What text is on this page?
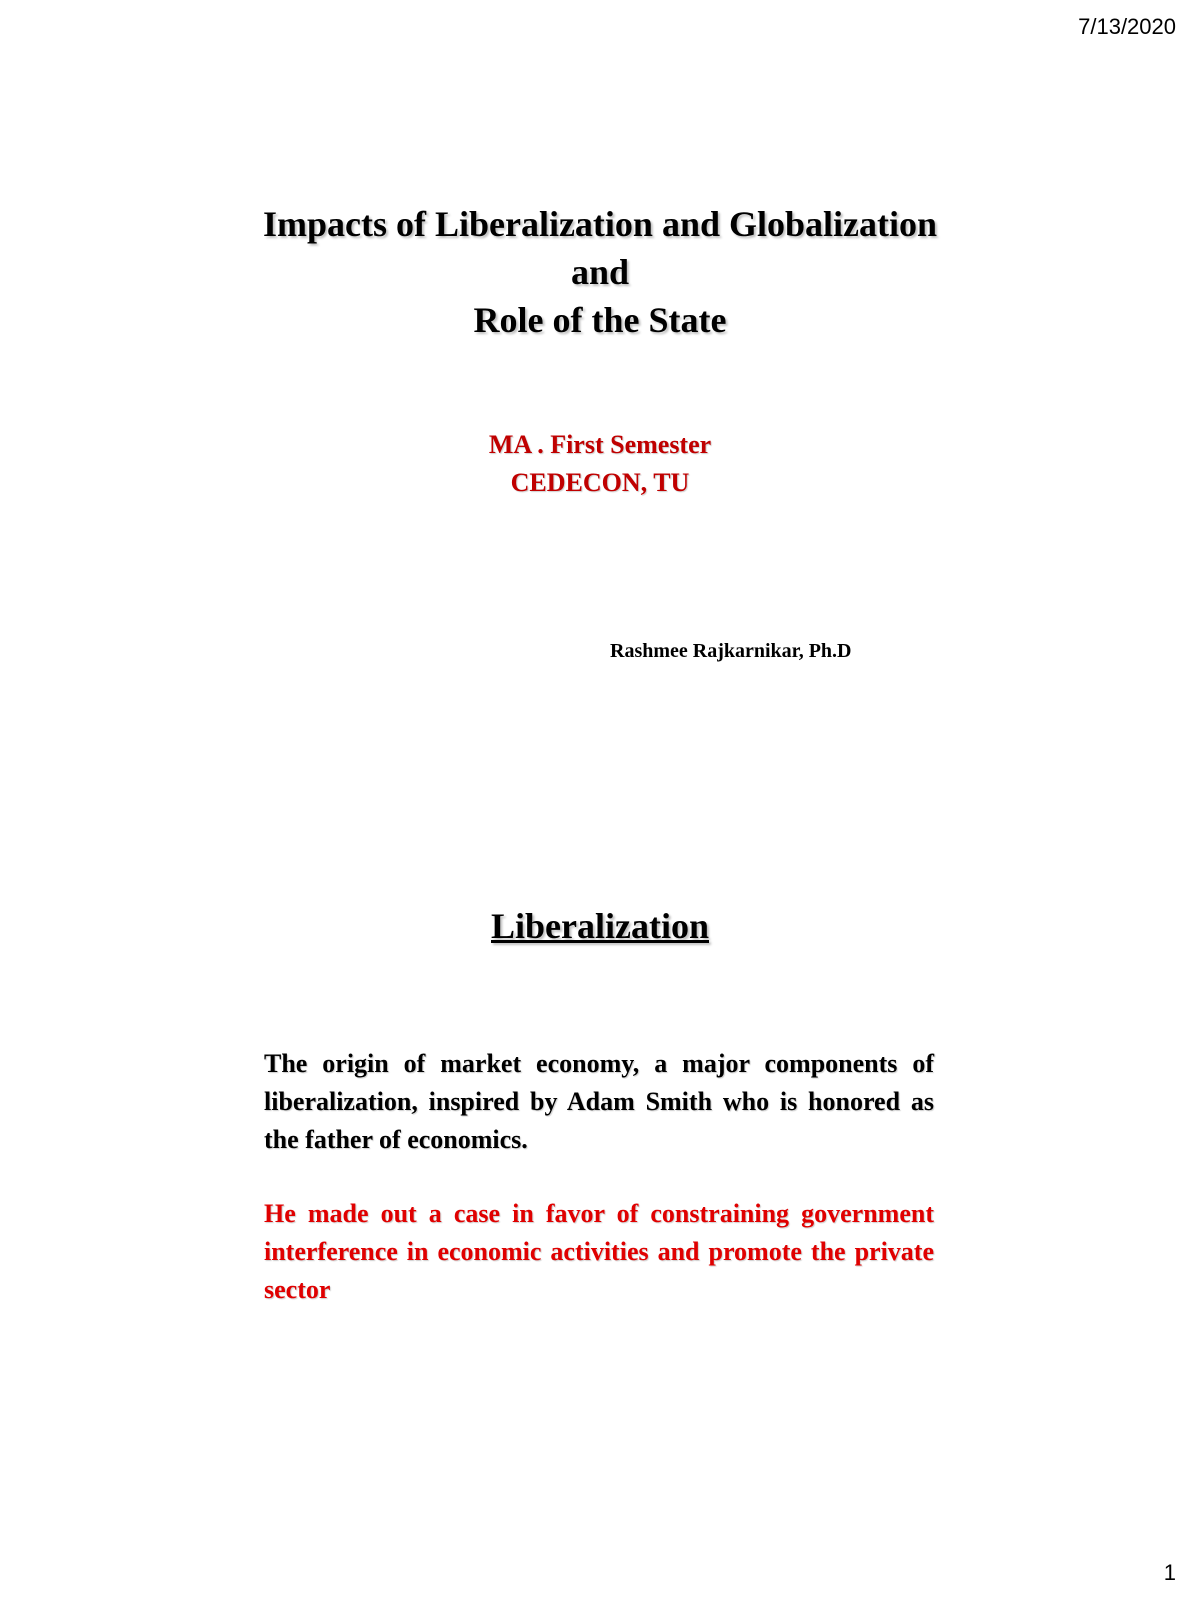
7/13/2020
Impacts of Liberalization and Globalization
and
Role of the State
MA . First Semester
CEDECON, TU
Rashmee Rajkarnikar, Ph.D
Liberalization

The origin of market economy, a major components of liberalization, inspired by Adam Smith who is honored as the father of economics.

He made out a case in favor of constraining government interference in economic activities and promote the private sector

1
